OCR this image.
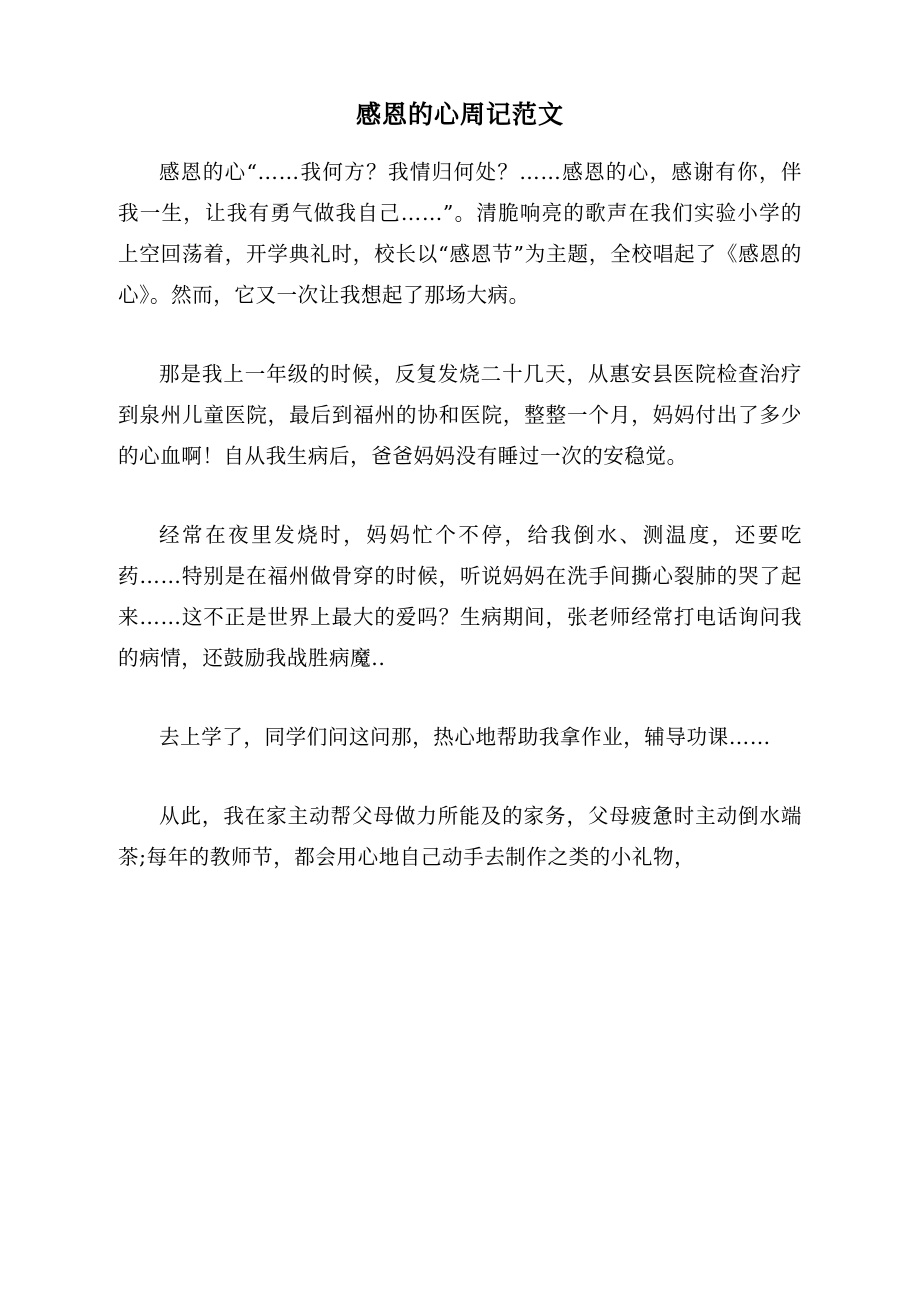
感恩的心周记范文

感恩的心“……我何方？我情归何处？……感恩的心，感谢有你，伴我一生，让我有勇气做我自己……”。清脆响亮的歌声在我们实验小学的上空回荡着，开学典礼时，校长以“感恩节”为主题，全校唱起了《感恩的心》。然而，它又一次让我想起了那场大病。

那是我上一年级的时候，反复发烧二十几天，从惠安县医院检查治疗到泉州儿童医院，最后到福州的协和医院，整整一个月，妈妈付出了多少的心血啊！自从我生病后，爸爸妈妈没有睡过一次的安稳觉。

经常在夜里发烧时，妈妈忙个不停，给我倒水、测温度，还要吃药……特别是在福州做骨穿的时候，听说妈妈在洗手间撕心裂肺的哭了起来……这不正是世界上最大的爱吗？生病期间，张老师经常打电话询问我的病情，还鼓励我战胜病魔..

去上学了，同学们问这问那，热心地帮助我拿作业，辅导功课……

从此，我在家主动帮父母做力所能及的家务，父母疲惫时主动倒水端茶;每年的教师节，都会用心地自己动手去制作之类的小礼物，
